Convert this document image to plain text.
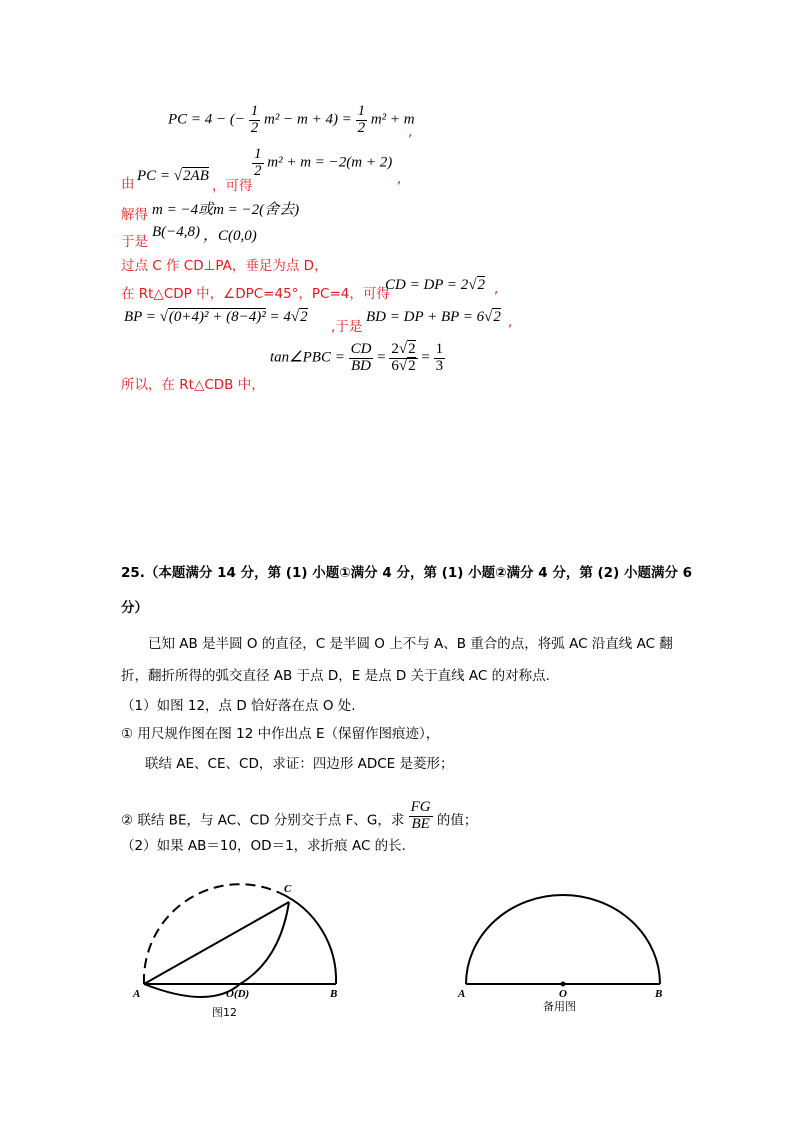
PC = 4 − (− $\frac{1}{2} m^2 - m + 4) = \frac{1}{2} m^2 + m$
,
由 PC = √2AB
，可得
$\frac{1}{2} m^2 + m = -2(m + 2)$
,
解得 m = −4或m = −2(舍去)
于是
B(−4,8) ，C(0,0)
过点 C 作 CD⊥PA，垂足为点 D，
在 Rt△CDP 中，∠DPC=45°，PC=4，可得
CD = DP = 2√2 ,
BP = √(0+4)² + (8−4)² = 4√2
,于是
BD = DP + BP = 6√2 ,
tan∠PBC = $\frac{CD}{BD} = \frac{2√2}{6√2} = \frac{1}{3}$
所以，在 Rt△CDB 中，
25.（本题满分 14 分，第 (1) 小题①满分 4 分，第 (1) 小题②满分 4 分，第 (2) 小题满分 6
分）
已知 AB 是半圆 O 的直径，C 是半圆 O 上不与 A、B 重合的点，将弧 AC 沿直线 AC 翻
折，翻折所得的弧交直径 AB 于点 D，E 是点 D 关于直线 AC 的对称点.
（1）如图 12，点 D 恰好落在点 O 处.
① 用尺规作图在图 12 中作出点 E（保留作图痕迹），
联结 AE、CE、CD，求证：四边形 ADCE 是菱形；
② 联结 BE，与 AC、CD 分别交于点 F、G，求 $\frac{FG}{BE}$ 的值；
（2）如果 AB＝10，OD＝1，求折痕 AC 的长.
C
A	O(D)	B
图12
A	O	B
备用图
